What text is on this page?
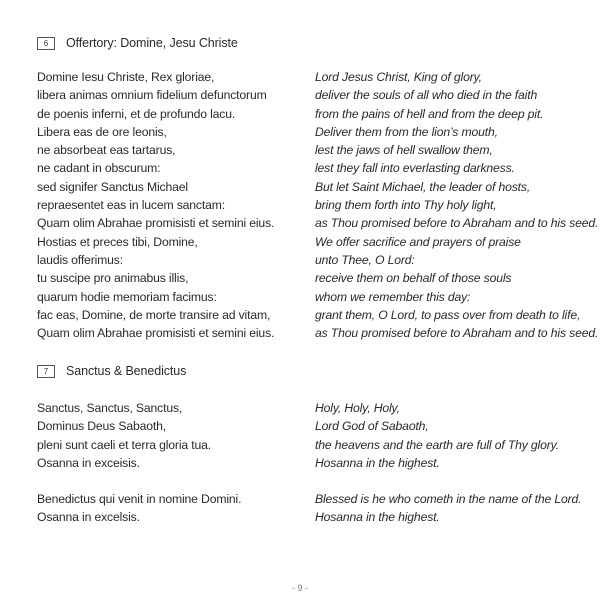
6	Offertory: Domine, Jesu Christe
Domine Iesu Christe, Rex gloriae,
libera animas omnium fidelium defunctorum
de poenis inferni, et de profundo lacu.
Libera eas de ore leonis,
ne absorbeat eas tartarus,
ne cadant in obscurum:
sed signifer Sanctus Michael
repraesentet eas in lucem sanctam:
Quam olim Abrahae promisisti et semini eius.
Hostias et preces tibi, Domine,
laudis offerimus:
tu suscipe pro animabus illis,
quarum hodie memoriam facimus:
fac eas, Domine, de morte transire ad vitam,
Quam olim Abrahae promisisti et semini eius.
Lord Jesus Christ, King of glory,
deliver the souls of all who died in the faith
from the pains of hell and from the deep pit.
Deliver them from the lion’s mouth,
lest the jaws of hell swallow them,
lest they fall into everlasting darkness.
But let Saint Michael, the leader of hosts,
bring them forth into Thy holy light,
as Thou promised before to Abraham and to his seed.
We offer sacrifice and prayers of praise
unto Thee, O Lord:
receive them on behalf of those souls
whom we remember this day:
grant them, O Lord, to pass over from death to life,
as Thou promised before to Abraham and to his seed.
7	Sanctus & Benedictus
Sanctus, Sanctus, Sanctus,
Dominus Deus Sabaoth,
pleni sunt caeli et terra gloria tua.
Osanna in exceisis.
Holy, Holy, Holy,
Lord God of Sabaoth,
the heavens and the earth are full of Thy glory.
Hosanna in the highest.
Benedictus qui venit in nomine Domini.
Osanna in excelsis.
Blessed is he who cometh in the name of the Lord.
Hosanna in the highest.
- 9 -
